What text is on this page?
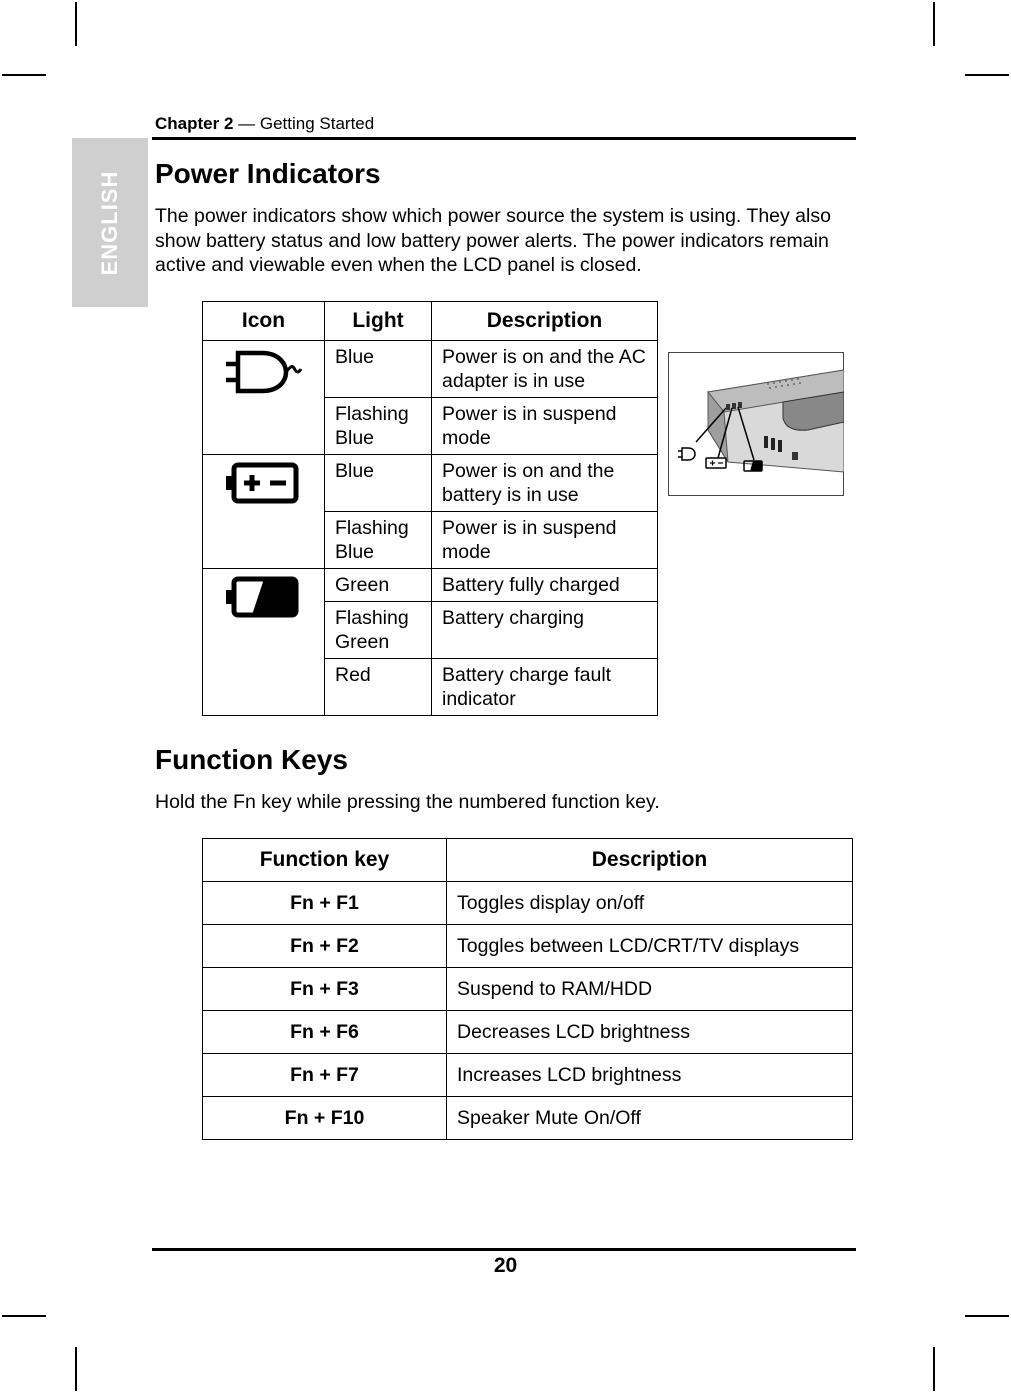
ENGLISH
Chapter 2 — Getting Started
Power Indicators

The power indicators show which power source the system is using. They also show battery status and low battery power alerts. The power indicators remain active and viewable even when the LCD panel is closed.

Icon	Light	Description
	Blue	Power is on and the AC adapter is in use
	Flashing Blue	Power is in suspend mode
	Blue	Power is on and the battery is in use
	Flashing Blue	Power is in suspend mode
	Green	Battery fully charged
	Flashing Green	Battery charging
	Red	Battery charge fault indicator
Function Keys

Hold the Fn key while pressing the numbered function key.

Function key	Description
Fn + F1	Toggles display on/off
Fn + F2	Toggles between LCD/CRT/TV displays
Fn + F3	Suspend to RAM/HDD
Fn + F6	Decreases LCD brightness
Fn + F7	Increases LCD brightness
Fn + F10	Speaker Mute On/Off
20
